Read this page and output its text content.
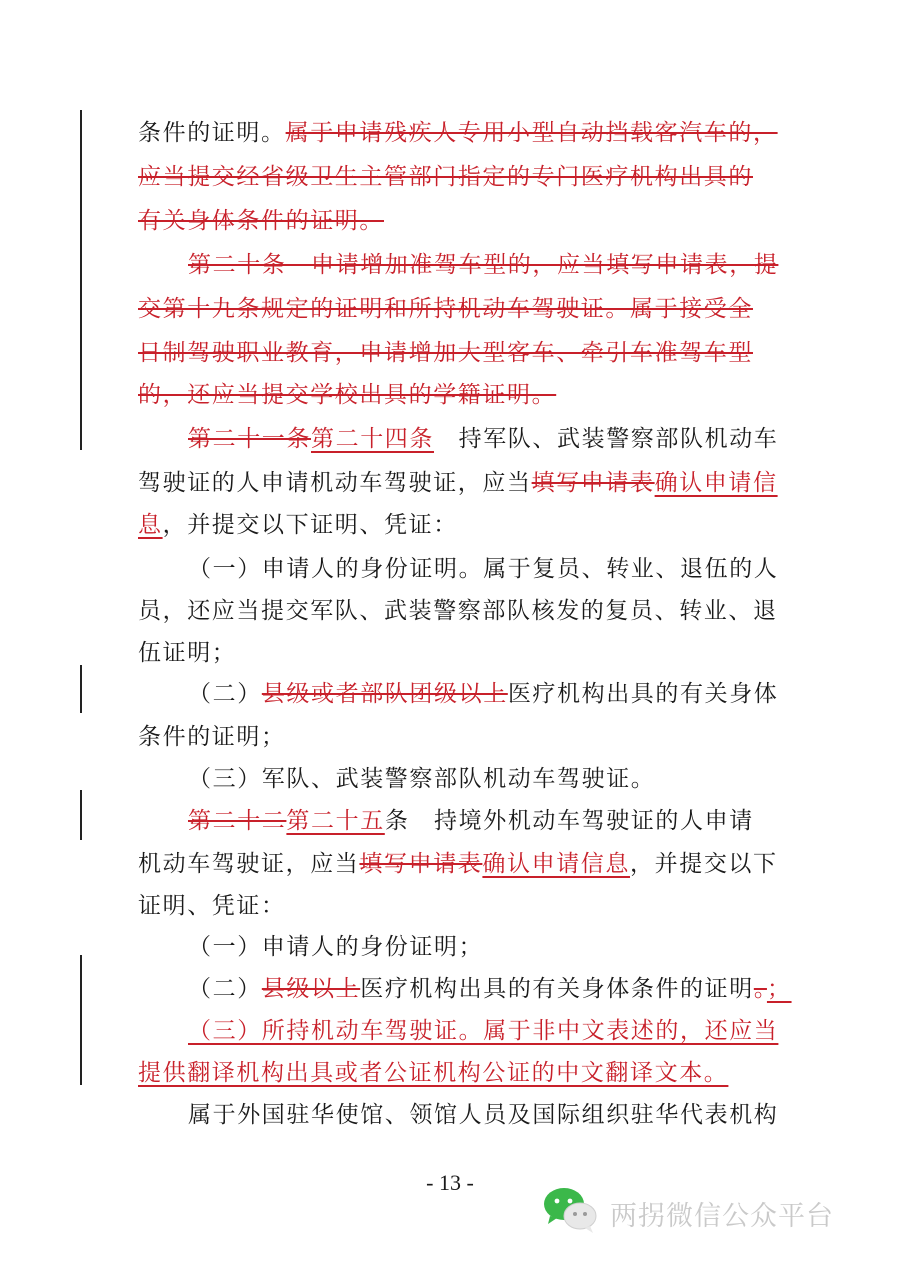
条件的证明。属于申请残疾人专用小型自动挡载客汽车的，
应当提交经省级卫生主管部门指定的专门医疗机构出具的
有关身体条件的证明。
第二十条　申请增加准驾车型的，应当填写申请表，提
交第十九条规定的证明和所持机动车驾驶证。属于接受全
日制驾驶职业教育，申请增加大型客车、牵引车准驾车型
的，还应当提交学校出具的学籍证明。
第二十一条第二十四条　持军队、武装警察部队机动车
驾驶证的人申请机动车驾驶证，应当填写申请表确认申请信
息，并提交以下证明、凭证：
（一）申请人的身份证明。属于复员、转业、退伍的人
员，还应当提交军队、武装警察部队核发的复员、转业、退
伍证明；
（二）县级或者部队团级以上医疗机构出具的有关身体
条件的证明；
（三）军队、武装警察部队机动车驾驶证。
第二十二第二十五条　持境外机动车驾驶证的人申请
机动车驾驶证，应当填写申请表确认申请信息，并提交以下
证明、凭证：
（一）申请人的身份证明；
（二）县级以上医疗机构出具的有关身体条件的证明。；
（三）所持机动车驾驶证。属于非中文表述的，还应当
提供翻译机构出具或者公证机构公证的中文翻译文本。
属于外国驻华使馆、领馆人员及国际组织驻华代表机构
- 13 -
两拐微信公众平台
